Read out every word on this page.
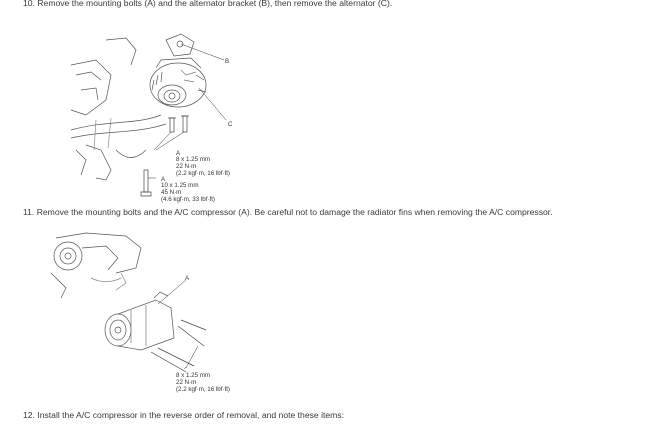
10. Remove the mounting bolts (A) and the alternator bracket (B), then remove the alternator (C).
B
C
A
8 x 1.25 mm
22 N·m
(2.2 kgf·m, 16 lbf·ft)
A
10 x 1.25 mm
45 N·m
(4.6 kgf·m, 33 lbf·ft)
11. Remove the mounting bolts and the A/C compressor (A). Be careful not to damage the radiator fins when removing the A/C compressor.
A
8 x 1.25 mm
22 N·m
(2.2 kgf·m, 16 lbf·ft)
12. Install the A/C compressor in the reverse order of removal, and note these items:
